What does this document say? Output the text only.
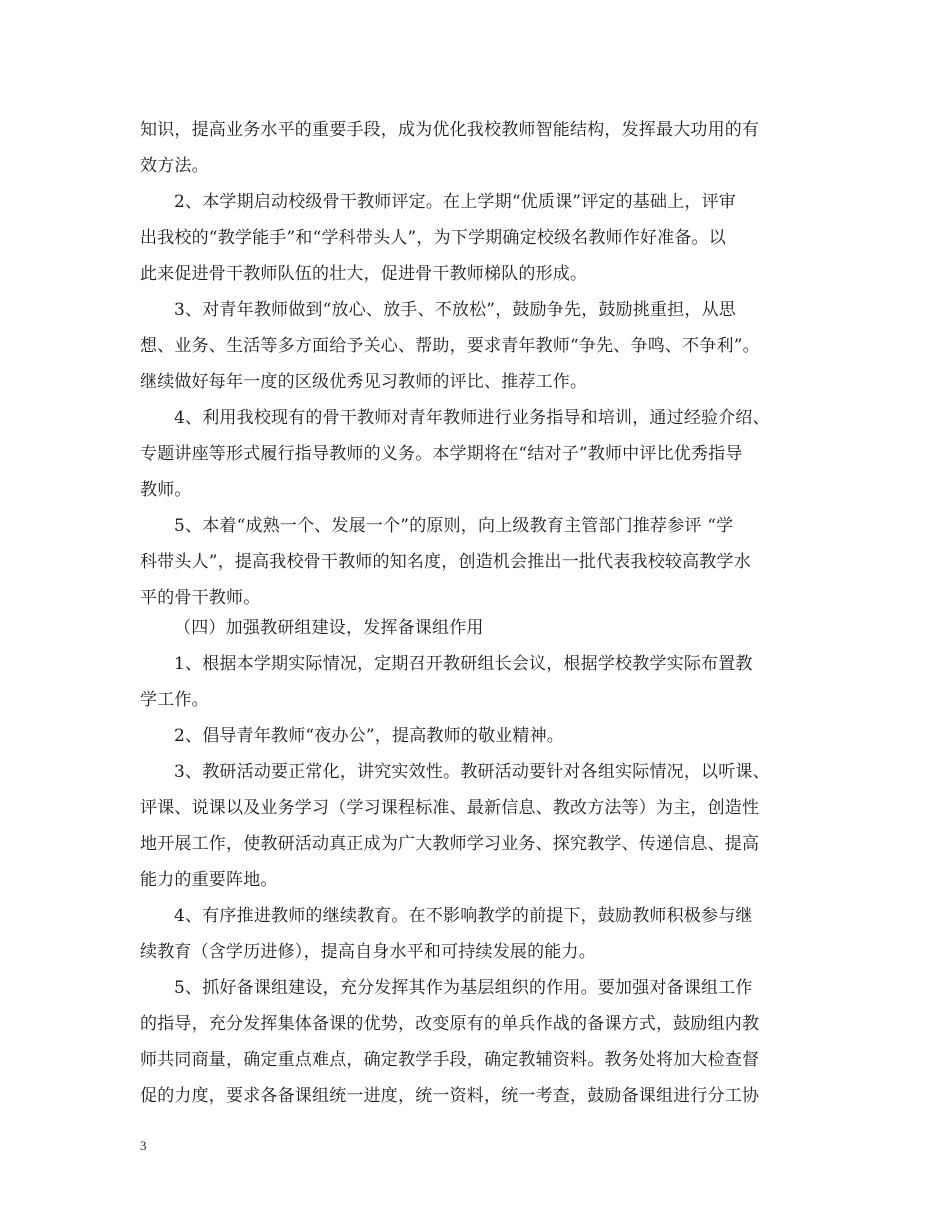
知识，提高业务水平的重要手段，成为优化我校教师智能结构，发挥最大功用的有
效方法。
2、本学期启动校级骨干教师评定。在上学期“优质课”评定的基础上，评审
出我校的“教学能手”和“学科带头人”，为下学期确定校级名教师作好准备。以
此来促进骨干教师队伍的壮大，促进骨干教师梯队的形成。
3、对青年教师做到“放心、放手、不放松”，鼓励争先，鼓励挑重担，从思
想、业务、生活等多方面给予关心、帮助，要求青年教师“争先、争鸣、不争利”。
继续做好每年一度的区级优秀见习教师的评比、推荐工作。
4、利用我校现有的骨干教师对青年教师进行业务指导和培训，通过经验介绍、
专题讲座等形式履行指导教师的义务。本学期将在“结对子”教师中评比优秀指导
教师。
5、本着“成熟一个、发展一个”的原则，向上级教育主管部门推荐参评 “学
科带头人”，提高我校骨干教师的知名度，创造机会推出一批代表我校较高教学水
平的骨干教师。
（四）加强教研组建设，发挥备课组作用
1、根据本学期实际情况，定期召开教研组长会议，根据学校教学实际布置教
学工作。
2、倡导青年教师“夜办公”，提高教师的敬业精神。
3、教研活动要正常化，讲究实效性。教研活动要针对各组实际情况，以听课、
评课、说课以及业务学习（学习课程标准、最新信息、教改方法等）为主，创造性
地开展工作，使教研活动真正成为广大教师学习业务、探究教学、传递信息、提高
能力的重要阵地。
4、有序推进教师的继续教育。在不影响教学的前提下，鼓励教师积极参与继
续教育（含学历进修），提高自身水平和可持续发展的能力。
5、抓好备课组建设，充分发挥其作为基层组织的作用。要加强对备课组工作
的指导，充分发挥集体备课的优势，改变原有的单兵作战的备课方式，鼓励组内教
师共同商量，确定重点难点，确定教学手段，确定教辅资料。教务处将加大检查督
促的力度，要求各备课组统一进度，统一资料，统一考查，鼓励备课组进行分工协
3
